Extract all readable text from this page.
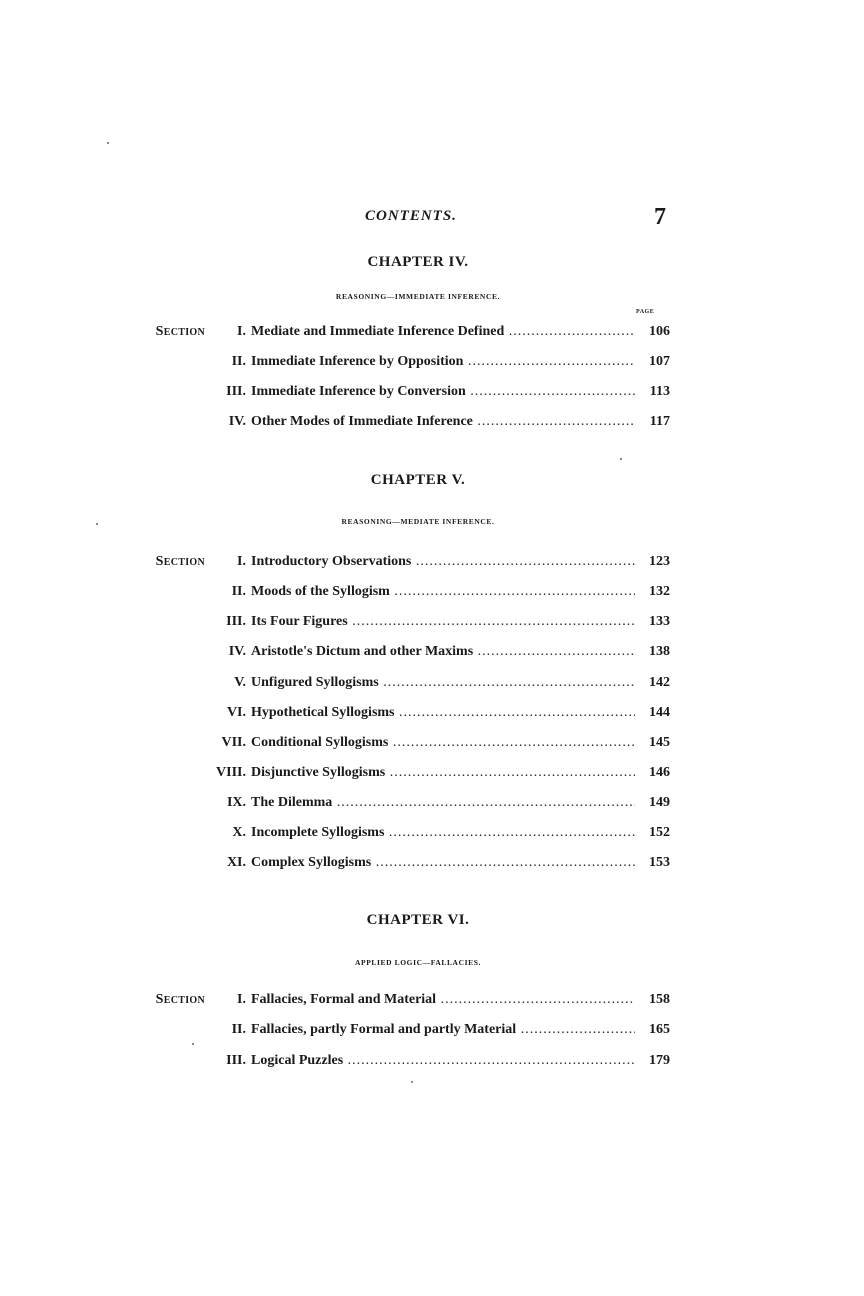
CONTENTS.	7
CHAPTER IV.
REASONING—IMMEDIATE INFERENCE.
PAGE
Section I. Mediate and Immediate Inference Defined .....	106
II. Immediate Inference by Opposition .....	107
III. Immediate Inference by Conversion .....	113
IV. Other Modes of Immediate Inference .....	117
CHAPTER V.
REASONING—MEDIATE INFERENCE.
Section I. Introductory Observations .....	123
II. Moods of the Syllogism .....	132
III. Its Four Figures .....	133
IV. Aristotle's Dictum and other Maxims .....	138
V. Unfigured Syllogisms .....	142
VI. Hypothetical Syllogisms .....	144
VII. Conditional Syllogisms .....	145
VIII. Disjunctive Syllogisms .....	146
IX. The Dilemma .....	149
X. Incomplete Syllogisms .....	152
XI. Complex Syllogisms .....	153
CHAPTER VI.
APPLIED LOGIC—FALLACIES.
Section I. Fallacies, Formal and Material .....	158
II. Fallacies, partly Formal and partly Material .....	165
III. Logical Puzzles .....	179
